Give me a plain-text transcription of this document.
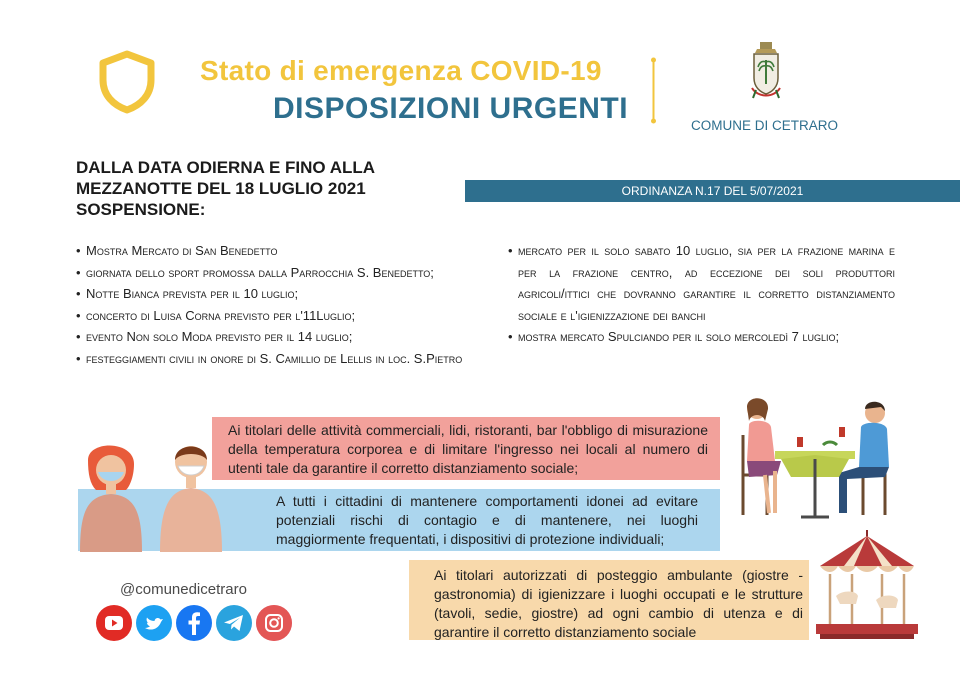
Stato di emergenza COVID-19
DISPOSIZIONI URGENTI
COMUNE DI CETRARO
DALLA DATA ODIERNA E FINO ALLA
MEZZANOTTE DEL 18 LUGLIO 2021
SOSPENSIONE:
ORDINANZA N.17 DEL 5/07/2021
• Mostra Mercato di San Benedetto
• giornata dello sport promossa dalla Parrocchia S. Benedetto;
• Notte Bianca prevista per il 10 luglio;
• concerto di Luisa Corna previsto per l'11Luglio;
• evento Non solo Moda previsto per il 14 luglio;
• festeggiamenti civili in onore di S. Camillio de Lellis in loc. S.Pietro
• mercato per il solo sabato 10 luglio, sia per la frazione marina e per la frazione centro, ad eccezione dei soli produttori agricoli/ittici che dovranno garantire il corretto distanziamento sociale e l'igienizzazione dei banchi
• mostra mercato Spulciando per il solo mercoledì 7 luglio;
Ai titolari delle attività commerciali, lidi, ristoranti, bar l'obbligo di misurazione della temperatura corporea e di limitare l'ingresso nei locali al numero di utenti tale da garantire il corretto distanziamento sociale;
A tutti i cittadini di mantenere comportamenti idonei ad evitare potenziali rischi di contagio e di mantenere, nei luoghi maggiormente frequentati, i dispositivi di protezione individuali;
Ai titolari autorizzati di posteggio ambulante (giostre - gastronomia) di igienizzare i luoghi occupati e le strutture (tavoli, sedie, giostre) ad ogni cambio di utenza e di garantire il corretto distanziamento sociale
@comunedicetraro
